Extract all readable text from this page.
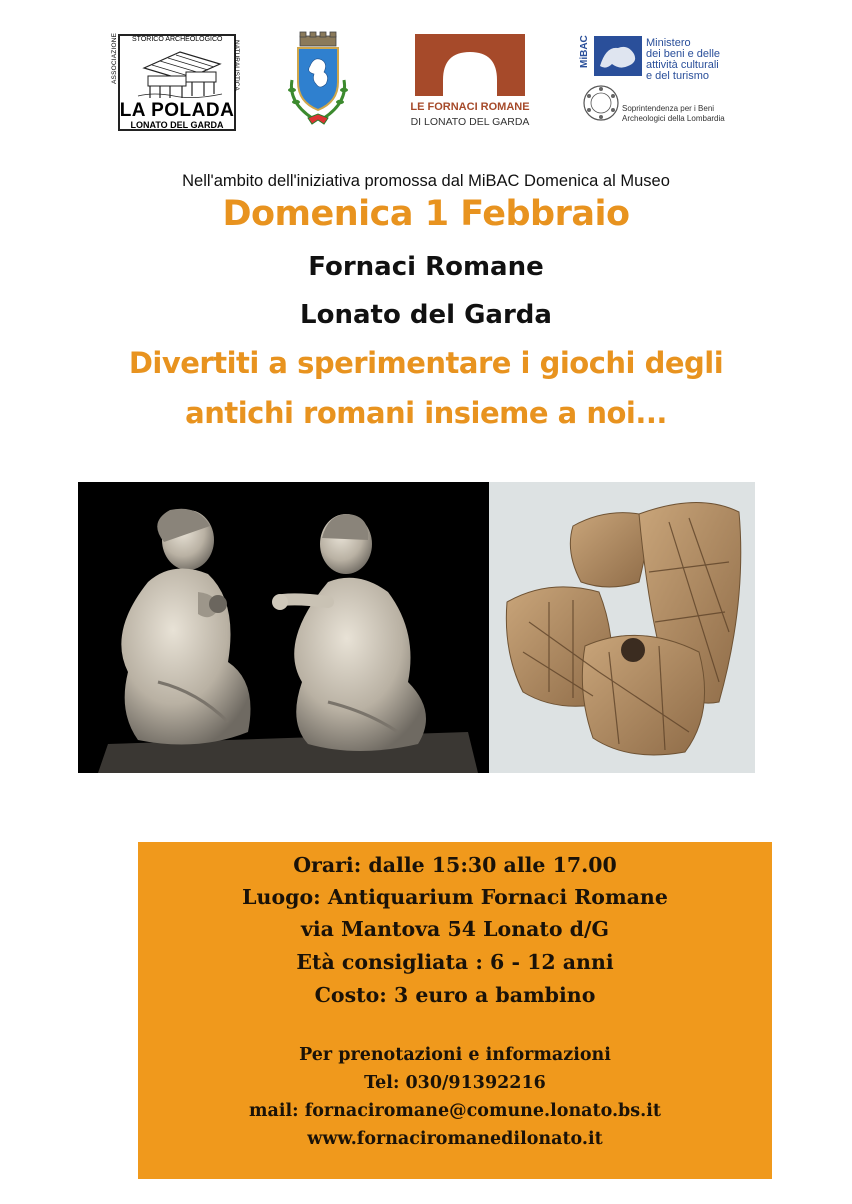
ASSOCIAZIONE STORICO ARCHEOLOGICO
NATURALISTICA
LA POLADA
LONATO DEL GARDA
LE FORNACI ROMANE
DI LONATO DEL GARDA
MiBAC	Ministero
dei beni e delle
attività culturali
e del turismo
Soprintendenza per i Beni
Archeologici della Lombardia
Nell'ambito dell'iniziativa promossa dal MiBAC Domenica al Museo
Domenica 1 Febbraio
Fornaci Romane
Lonato del Garda
Divertiti a sperimentare i giochi degli
antichi romani insieme a noi...
Orari: dalle 15:30 alle 17.00
Luogo: Antiquarium Fornaci Romane
via Mantova 54 Lonato d/G
Età consigliata : 6 - 12 anni
Costo: 3 euro a bambino
Per prenotazioni e informazioni
Tel: 030/91392216
mail: fornaciromane@comune.lonato.bs.it
www.fornaciromanedilonato.it
